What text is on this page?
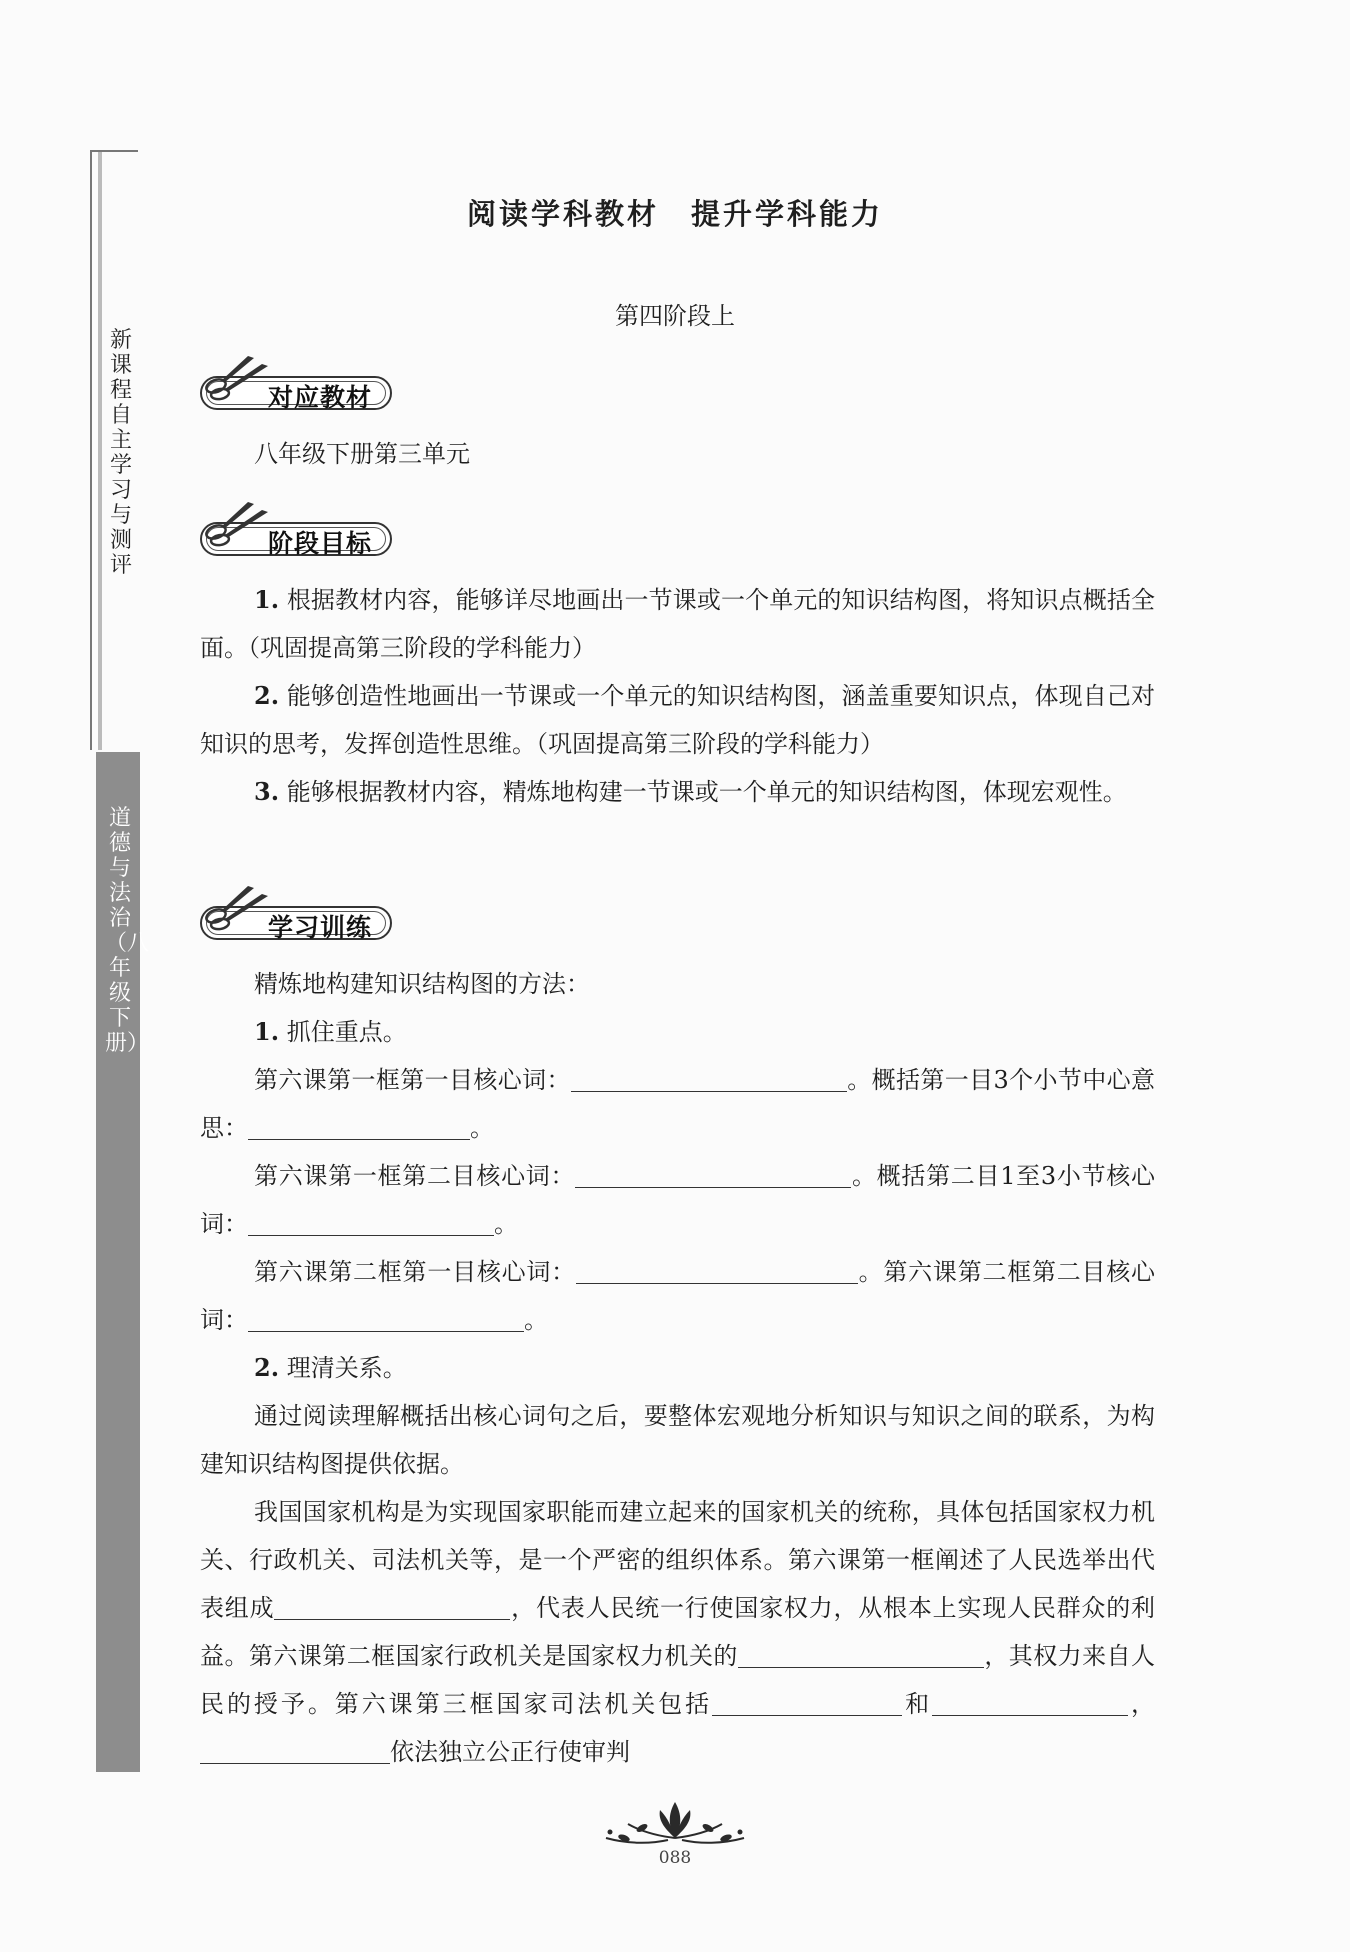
新课程自主学习与测评
道德与法治（八年级下册）
阅读学科教材　提升学科能力
第四阶段上
对应教材
八年级下册第三单元
阶段目标
1. 根据教材内容，能够详尽地画出一节课或一个单元的知识结构图，将知识点概括全面。（巩固提高第三阶段的学科能力）
2. 能够创造性地画出一节课或一个单元的知识结构图，涵盖重要知识点，体现自己对知识的思考，发挥创造性思维。（巩固提高第三阶段的学科能力）
3. 能够根据教材内容，精炼地构建一节课或一个单元的知识结构图，体现宏观性。
学习训练
精炼地构建知识结构图的方法：
1. 抓住重点。
第六课第一框第一目核心词：	。概括第一目3个小节中心意思：	。
第六课第一框第二目核心词：	。概括第二目1至3小节核心词：	。
第六课第二框第一目核心词：	。第六课第二框第二目核心词：	。
2. 理清关系。
通过阅读理解概括出核心词句之后，要整体宏观地分析知识与知识之间的联系，为构建知识结构图提供依据。
我国国家机构是为实现国家职能而建立起来的国家机关的统称，具体包括国家权力机关、行政机关、司法机关等，是一个严密的组织体系。第六课第一框阐述了人民选举出代表组成	，代表人民统一行使国家权力，从根本上实现人民群众的利益。第六课第二框国家行政机关是国家权力机关的	，其权力来自人民的授予。第六课第三框国家司法机关包括	和	，依法独立公正行使审判
088
